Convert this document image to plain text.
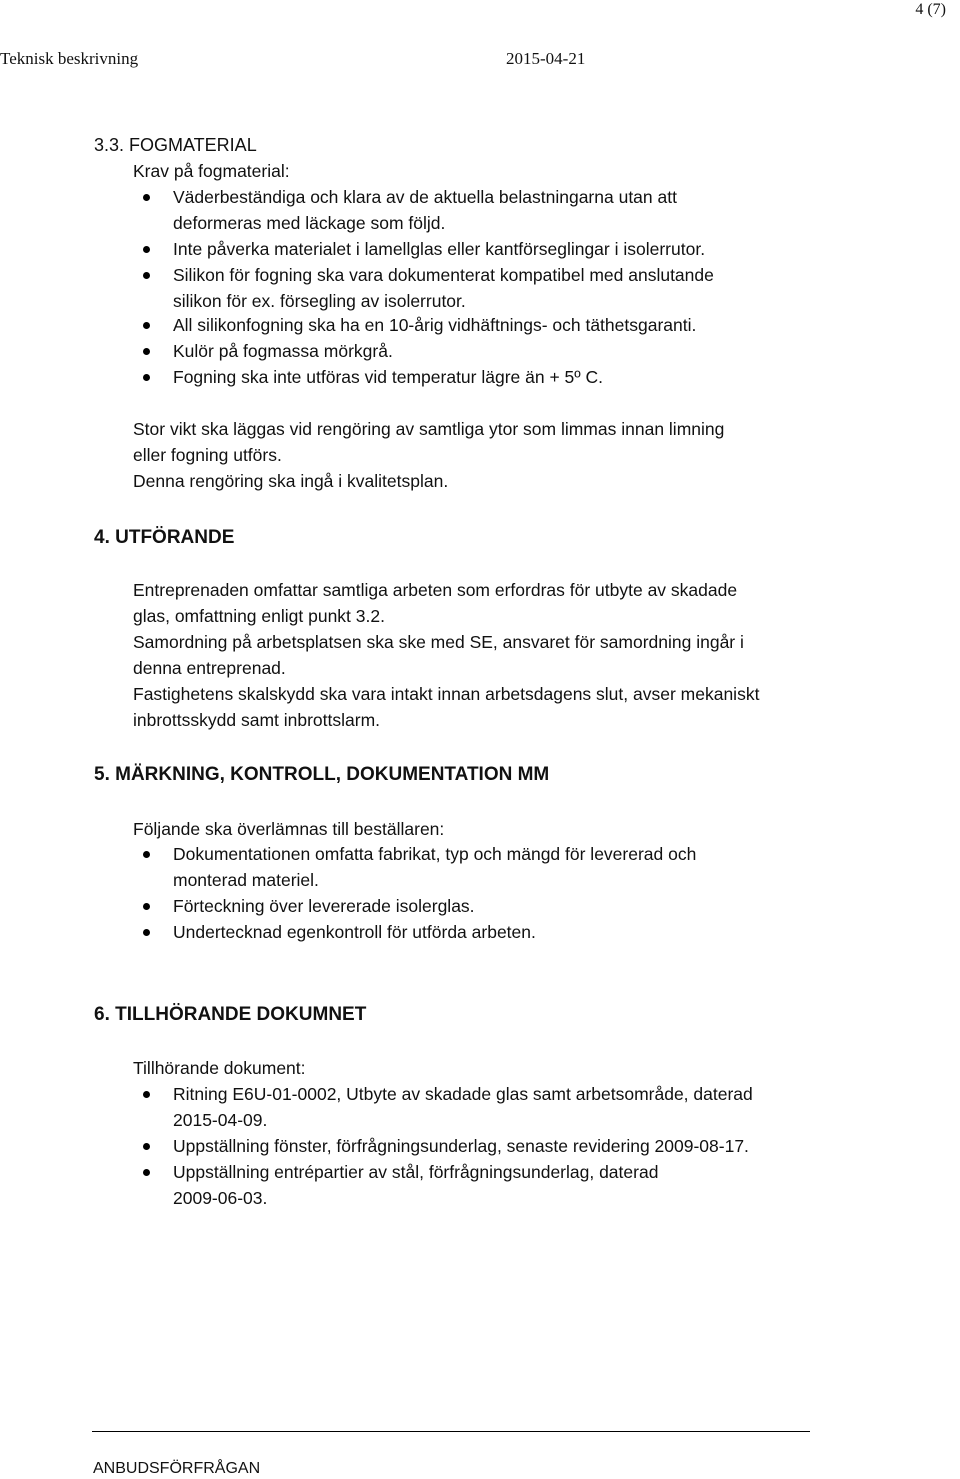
4 (7)
Teknisk beskrivning	2015-04-21
3.3. FOGMATERIAL
Krav på fogmaterial:
Väderbeständiga och klara av de aktuella belastningarna utan att
deformeras med läckage som följd.
Inte påverka materialet i lamellglas eller kantförseglingar i isolerrutor.
Silikon för fogning ska vara dokumenterat kompatibel med anslutande
silikon för ex. försegling av isolerrutor.
All silikonfogning ska ha en 10-årig vidhäftnings- och täthetsgaranti.
Kulör på fogmassa mörkgrå.
Fogning ska inte utföras vid temperatur lägre än + 5º C.
Stor vikt ska läggas vid rengöring av samtliga ytor som limmas innan limning
eller fogning utförs.
Denna rengöring ska ingå i kvalitetsplan.
4. UTFÖRANDE
Entreprenaden omfattar samtliga arbeten som erfordras för utbyte av skadade
glas, omfattning enligt punkt 3.2.
Samordning på arbetsplatsen ska ske med SE, ansvaret för samordning ingår i
denna entreprenad.
Fastighetens skalskydd ska vara intakt innan arbetsdagens slut, avser mekaniskt
inbrottsskydd samt inbrottslarm.
5. MÄRKNING, KONTROLL, DOKUMENTATION MM
Följande ska överlämnas till beställaren:
Dokumentationen omfatta fabrikat, typ och mängd för levererad och
monterad materiel.
Förteckning över levererade isolerglas.
Undertecknad egenkontroll för utförda arbeten.
6. TILLHÖRANDE DOKUMNET
Tillhörande dokument:
Ritning E6U-01-0002, Utbyte av skadade glas samt arbetsområde, daterad
2015-04-09.
Uppställning fönster, förfrågningsunderlag, senaste revidering 2009-08-17.
Uppställning entrépartier av stål, förfrågningsunderlag, daterad
2009-06-03.
ANBUDSFÖRFRÅGAN
